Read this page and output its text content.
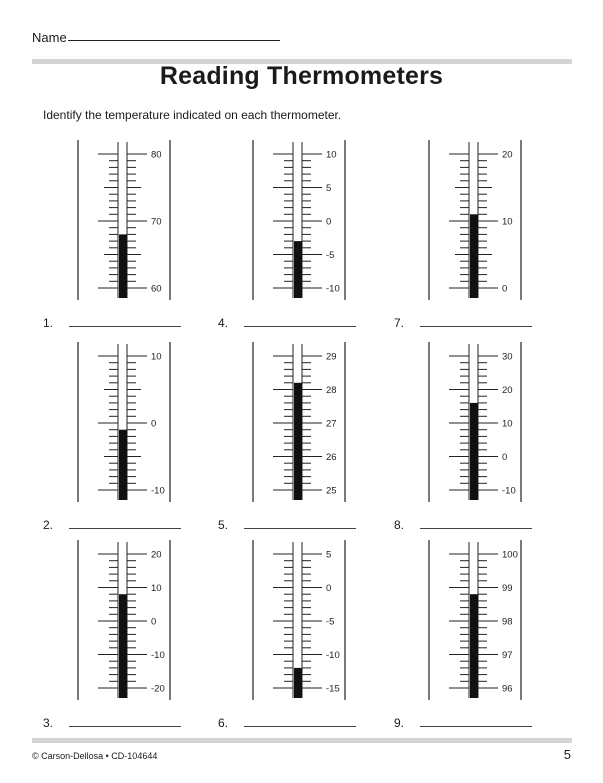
Name
Reading Thermometers
Identify the temperature indicated on each thermometer.
80
70
60
1.
10
0
-10
2.
20
10
0
-10
-20
3.
10
5
0
-5
-10
4.
29
28
27
26
25
5.
5
0
-5
-10
-15
6.
20
10
0
7.
30
20
10
0
-10
8.
100
99
98
97
96
9.
© Carson-Dellosa • CD-104644	5
